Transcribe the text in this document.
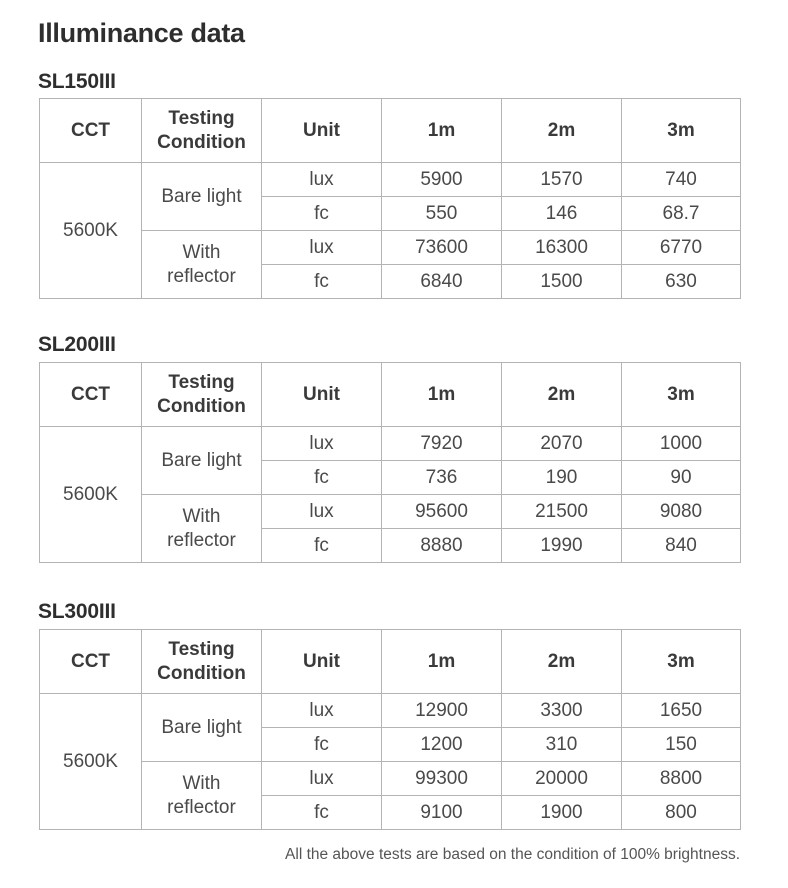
Illuminance data
SL150III
CCT	Testing Condition	Unit	1m	2m	3m
5600K	Bare light	lux	5900	1570	740
		fc	550	146	68.7
	With reflector	lux	73600	16300	6770
		fc	6840	1500	630
SL200III
CCT	Testing Condition	Unit	1m	2m	3m
5600K	Bare light	lux	7920	2070	1000
		fc	736	190	90
	With reflector	lux	95600	21500	9080
		fc	8880	1990	840
SL300III
CCT	Testing Condition	Unit	1m	2m	3m
5600K	Bare light	lux	12900	3300	1650
		fc	1200	310	150
	With reflector	lux	99300	20000	8800
		fc	9100	1900	800
All the above tests are based on the condition of 100% brightness.
